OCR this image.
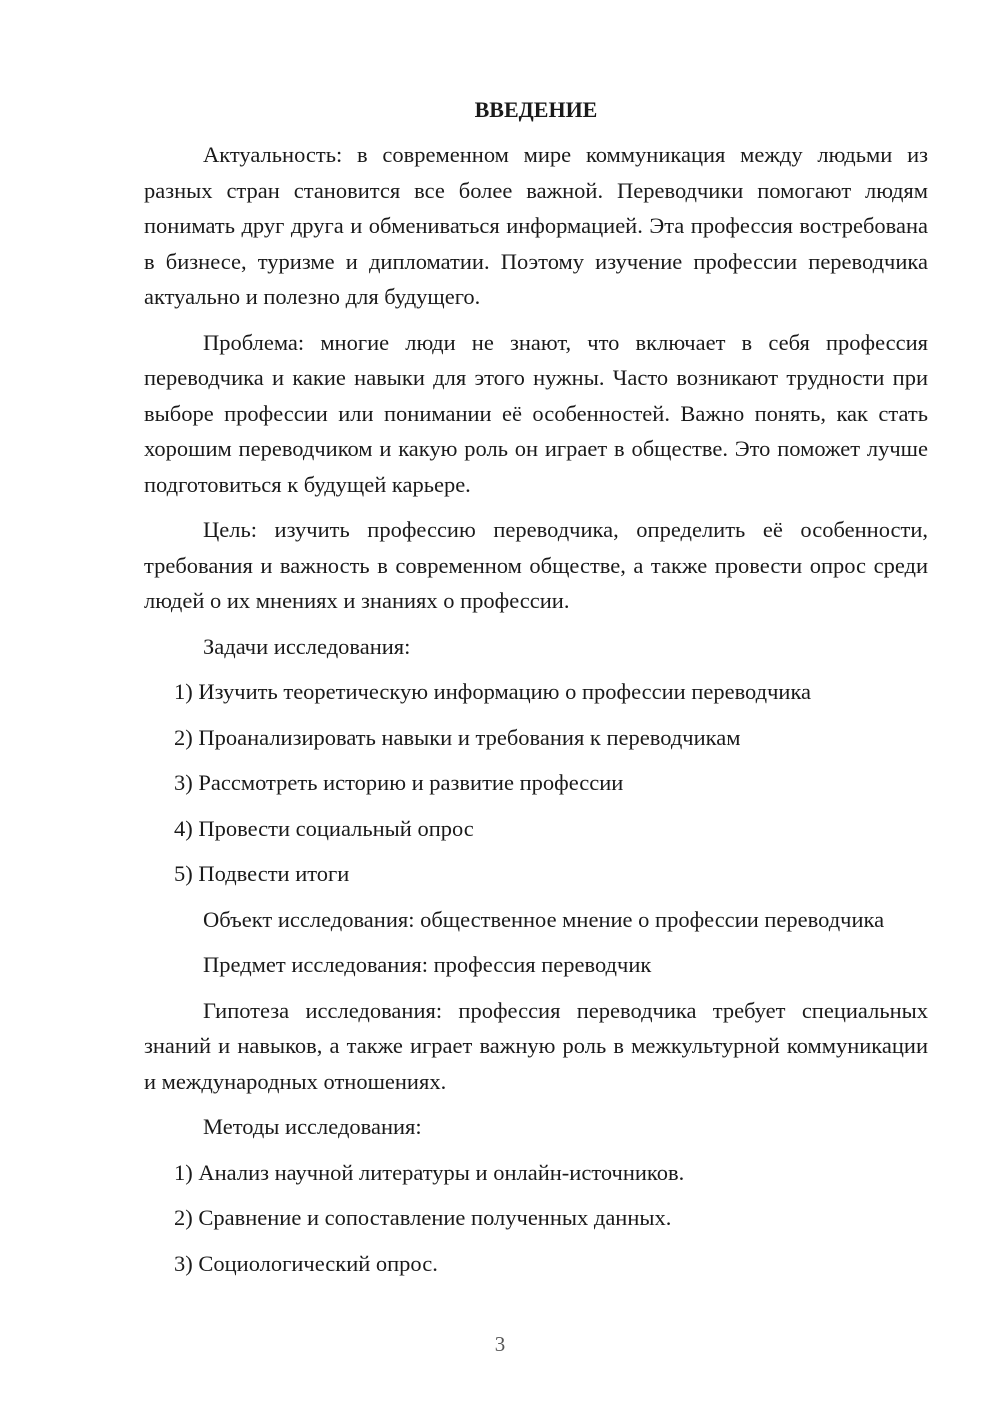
ВВЕДЕНИЕ

Актуальность: в современном мире коммуникация между людьми из разных стран становится все более важной. Переводчики помогают людям понимать друг друга и обмениваться информацией. Эта профессия востребована в бизнесе, туризме и дипломатии. Поэтому изучение профессии переводчика актуально и полезно для будущего.

Проблема: многие люди не знают, что включает в себя профессия переводчика и какие навыки для этого нужны. Часто возникают трудности при выборе профессии или понимании её особенностей. Важно понять, как стать хорошим переводчиком и какую роль он играет в обществе. Это поможет лучше подготовиться к будущей карьере.

Цель: изучить профессию переводчика, определить её особенности, требования и важность в современном обществе, а также провести опрос среди людей о их мнениях и знаниях о профессии.

Задачи исследования:

1) Изучить теоретическую информацию о профессии переводчика

2) Проанализировать навыки и требования к переводчикам

3) Рассмотреть историю и развитие профессии

4) Провести социальный опрос

5) Подвести итоги

Объект исследования: общественное мнение о профессии переводчика

Предмет исследования: профессия переводчик

Гипотеза исследования: профессия переводчика требует специальных знаний и навыков, а также играет важную роль в межкультурной коммуникации и международных отношениях.

Методы исследования:

1) Анализ научной литературы и онлайн-источников.

2) Сравнение и сопоставление полученных данных.

3) Социологический опрос.

3
